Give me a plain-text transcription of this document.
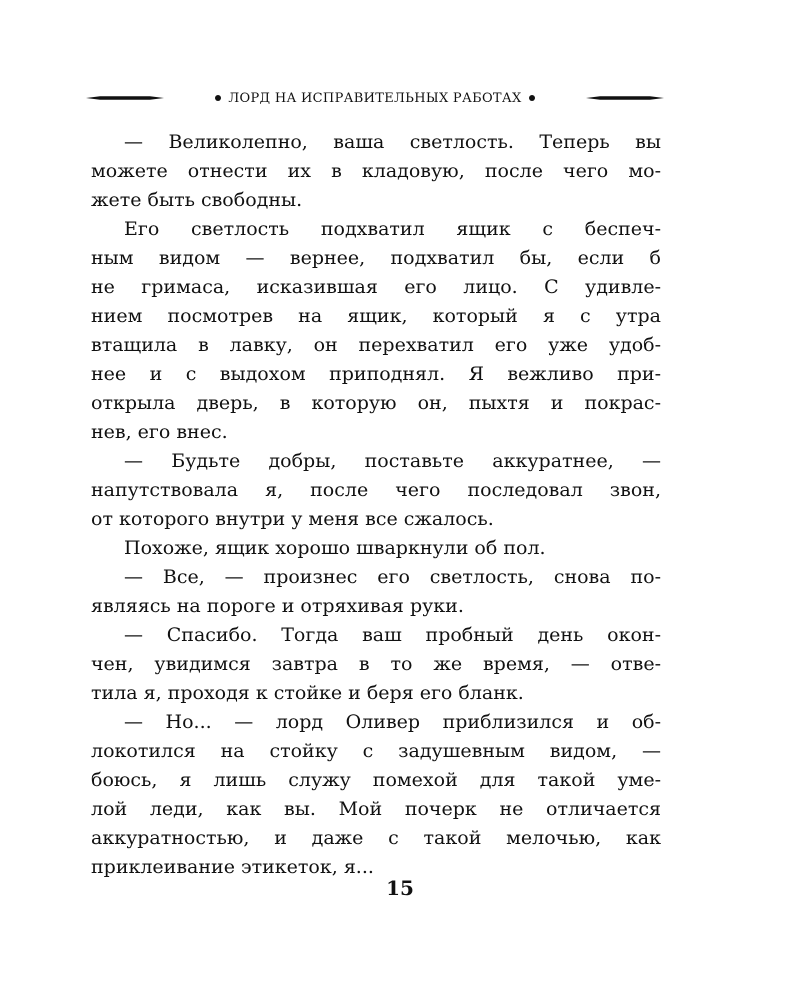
ЛОРД НА ИСПРАВИТЕЛЬНЫХ РАБОТАХ
— Великолепно, ваша светлость. Теперь вы
можете отнести их в кладовую, после чего мо-
жете быть свободны.
Его светлость подхватил ящик с беспеч-
ным видом — вернее, подхватил бы, если б
не гримаса, исказившая его лицо. С удивле-
нием посмотрев на ящик, который я с утра
втащила в лавку, он перехватил его уже удоб-
нее и с выдохом приподнял. Я вежливо при-
открыла дверь, в которую он, пыхтя и покрас-
нев, его внес.
— Будьте добры, поставьте аккуратнее, —
напутствовала я, после чего последовал звон,
от которого внутри у меня все сжалось.
Похоже, ящик хорошо шваркнули об пол.
— Все, — произнес его светлость, снова по-
являясь на пороге и отряхивая руки.
— Спасибо. Тогда ваш пробный день окон-
чен, увидимся завтра в то же время, — отве-
тила я, проходя к стойке и беря его бланк.
— Но... — лорд Оливер приблизился и об-
локотился на стойку с задушевным видом, —
боюсь, я лишь служу помехой для такой уме-
лой леди, как вы. Мой почерк не отличается
аккуратностью, и даже с такой мелочью, как
приклеивание этикеток, я...
15
